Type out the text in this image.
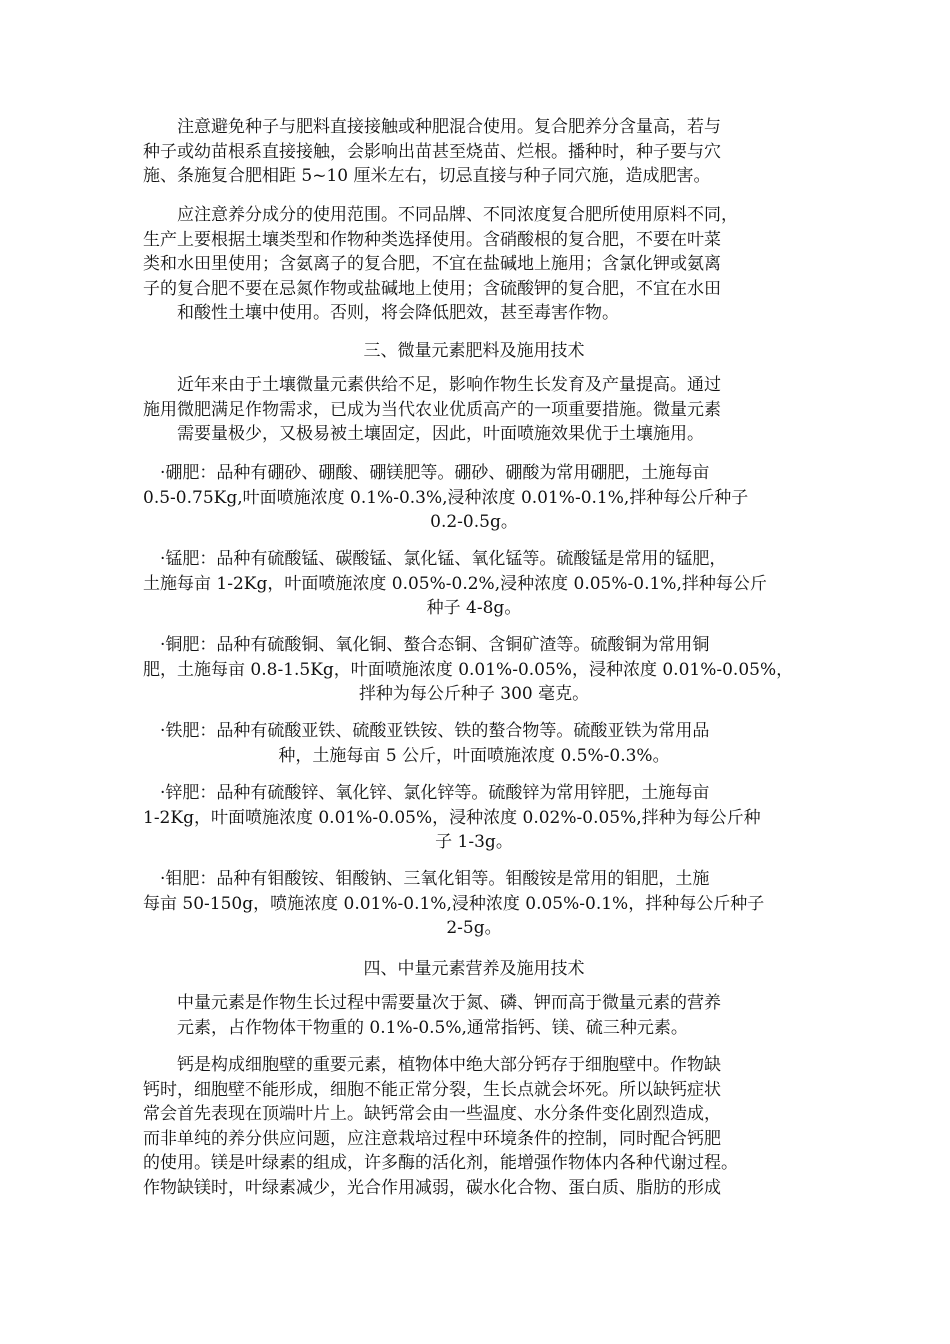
　　注意避免种子与肥料直接接触或种肥混合使用。复合肥养分含量高，若与
种子或幼苗根系直接接触，会影响出苗甚至烧苗、烂根。播种时，种子要与穴
施、条施复合肥相距 5~10 厘米左右，切忌直接与种子同穴施，造成肥害。

　　应注意养分成分的使用范围。不同品牌、不同浓度复合肥所使用原料不同，
生产上要根据土壤类型和作物种类选择使用。含硝酸根的复合肥，不要在叶菜
类和水田里使用；含氨离子的复合肥，不宜在盐碱地上施用；含氯化钾或氨离
子的复合肥不要在忌氮作物或盐碱地上使用；含硫酸钾的复合肥，不宜在水田
　　和酸性土壤中使用。否则，将会降低肥效，甚至毒害作物。

三、微量元素肥料及施用技术

　　近年来由于土壤微量元素供给不足，影响作物生长发育及产量提高。通过
施用微肥满足作物需求，已成为当代农业优质高产的一项重要措施。微量元素
　　需要量极少，又极易被土壤固定，因此，叶面喷施效果优于土壤施用。

　·硼肥：品种有硼砂、硼酸、硼镁肥等。硼砂、硼酸为常用硼肥，土施每亩
0.5-0.75Kg,叶面喷施浓度 0.1%-0.3%,浸种浓度 0.01%-0.1%,拌种每公斤种子
0.2-0.5g。

　·锰肥：品种有硫酸锰、碳酸锰、氯化锰、氧化锰等。硫酸锰是常用的锰肥，
土施每亩 1-2Kg，叶面喷施浓度 0.05%-0.2%,浸种浓度 0.05%-0.1%,拌种每公斤
种子 4-8g。

　·铜肥：品种有硫酸铜、氧化铜、螯合态铜、含铜矿渣等。硫酸铜为常用铜
肥，土施每亩 0.8-1.5Kg，叶面喷施浓度 0.01%-0.05%，浸种浓度 0.01%-0.05%，
拌种为每公斤种子 300 毫克。

　·铁肥：品种有硫酸亚铁、硫酸亚铁铵、铁的螯合物等。硫酸亚铁为常用品
种，土施每亩 5 公斤，叶面喷施浓度 0.5%-0.3%。

　·锌肥：品种有硫酸锌、氧化锌、氯化锌等。硫酸锌为常用锌肥，土施每亩
1-2Kg，叶面喷施浓度 0.01%-0.05%，浸种浓度 0.02%-0.05%,拌种为每公斤种
子 1-3g。

　·钼肥：品种有钼酸铵、钼酸钠、三氧化钼等。钼酸铵是常用的钼肥，土施
每亩 50-150g，喷施浓度 0.01%-0.1%,浸种浓度 0.05%-0.1%，拌种每公斤种子
2-5g。

四、中量元素营养及施用技术

　　中量元素是作物生长过程中需要量次于氮、磷、钾而高于微量元素的营养
　　元素，占作物体干物重的 0.1%-0.5%,通常指钙、镁、硫三种元素。

　　钙是构成细胞壁的重要元素，植物体中绝大部分钙存于细胞壁中。作物缺
钙时，细胞壁不能形成，细胞不能正常分裂，生长点就会坏死。所以缺钙症状
常会首先表现在顶端叶片上。缺钙常会由一些温度、水分条件变化剧烈造成，
而非单纯的养分供应问题，应注意栽培过程中环境条件的控制，同时配合钙肥
的使用。镁是叶绿素的组成，许多酶的活化剂，能增强作物体内各种代谢过程。
作物缺镁时，叶绿素减少，光合作用减弱，碳水化合物、蛋白质、脂肪的形成
